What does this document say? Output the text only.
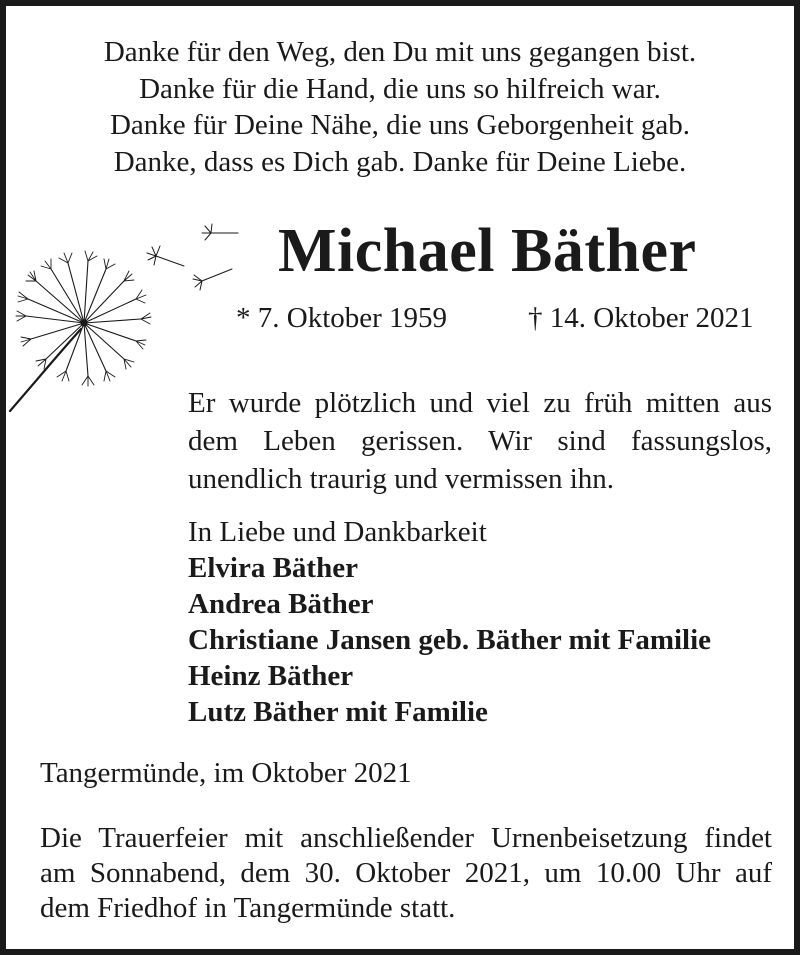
Danke für den Weg, den Du mit uns gegangen bist.
Danke für die Hand, die uns so hilfreich war.
Danke für Deine Nähe, die uns Geborgenheit gab.
Danke, dass es Dich gab. Danke für Deine Liebe.
Michael Bäther
* 7. Oktober 1959	† 14. Oktober 2021
Er wurde plötzlich und viel zu früh mitten aus
dem Leben gerissen. Wir sind fassungslos,
unendlich traurig und vermissen ihn.
In Liebe und Dankbarkeit
Elvira Bäther
Andrea Bäther
Christiane Jansen geb. Bäther mit Familie
Heinz Bäther
Lutz Bäther mit Familie
Tangermünde, im Oktober 2021
Die Trauerfeier mit anschließender Urnenbeisetzung findet
am Sonnabend, dem 30. Oktober 2021, um 10.00 Uhr auf
dem Friedhof in Tangermünde statt.
